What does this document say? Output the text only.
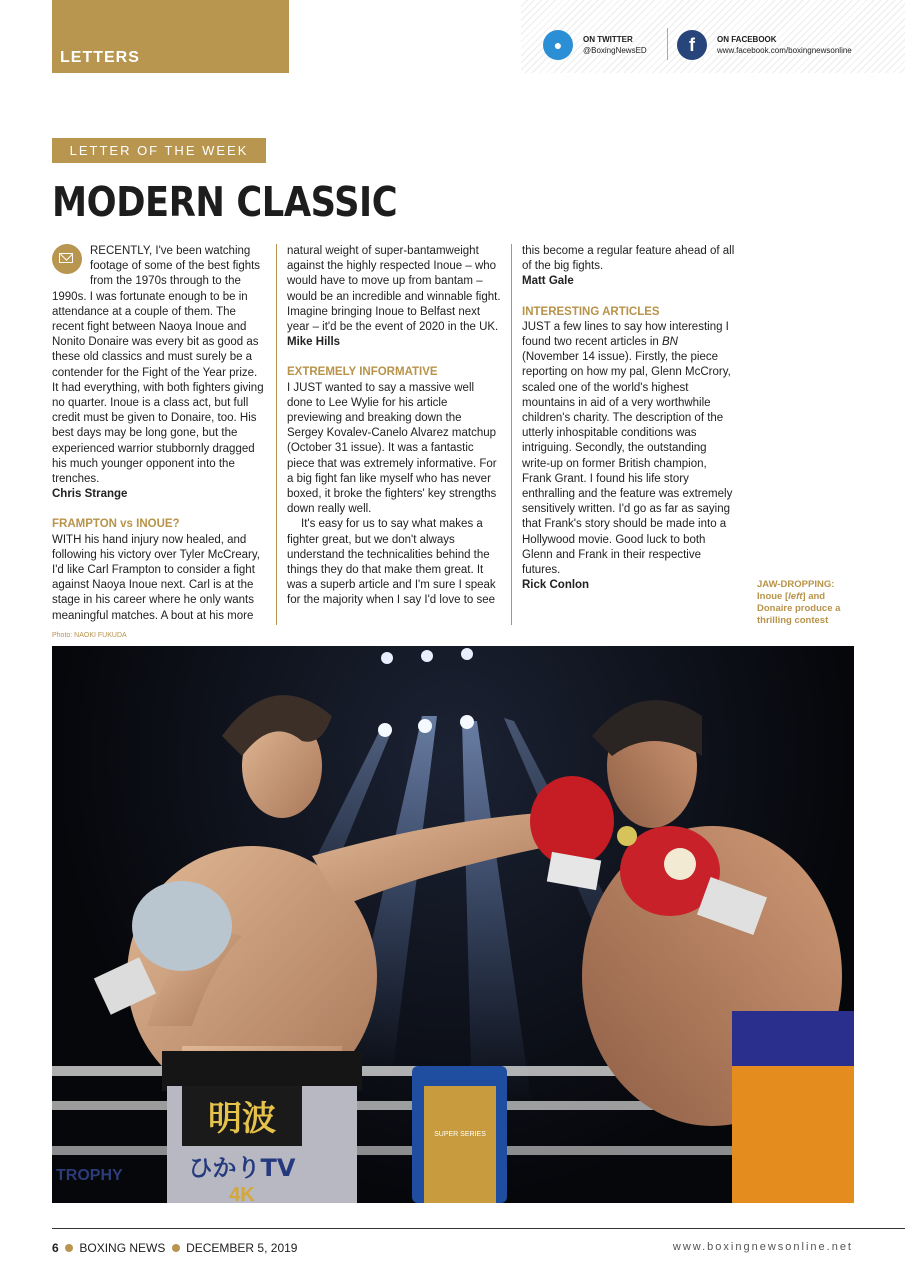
LETTERS
●	ON TWITTER
@BoxingNewsED	f	ON FACEBOOK
www.facebook.com/boxingnewsonline
LETTER OF THE WEEK
MODERN CLASSIC

RECENTLY, I've been watching footage of some of the best fights from the 1970s through to the 1990s. I was fortunate enough to be in attendance at a couple of them. The recent fight between Naoya Inoue and Nonito Donaire was every bit as good as these old classics and must surely be a contender for the Fight of the Year prize. It had everything, with both fighters giving no quarter. Inoue is a class act, but full credit must be given to Donaire, too. His best days may be long gone, but the experienced warrior stubbornly dragged his much younger opponent into the trenches.

Chris Strange

FRAMPTON vs INOUE?

WITH his hand injury now healed, and following his victory over Tyler McCreary, I'd like Carl Frampton to consider a fight against Naoya Inoue next. Carl is at the stage in his career where he only wants meaningful matches. A bout at his more

natural weight of super-bantamweight against the highly respected Inoue – who would have to move up from bantam – would be an incredible and winnable fight. Imagine bringing Inoue to Belfast next year – it'd be the event of 2020 in the UK.

Mike Hills

EXTREMELY INFORMATIVE

I JUST wanted to say a massive well done to Lee Wylie for his article previewing and breaking down the Sergey Kovalev-Canelo Alvarez matchup (October 31 issue). It was a fantastic piece that was extremely informative. For a big fight fan like myself who has never boxed, it broke the fighters' key strengths down really well.

It's easy for us to say what makes a fighter great, but we don't always understand the technicalities behind the things they do that make them great. It was a superb article and I'm sure I speak for the majority when I say I'd love to see

this become a regular feature ahead of all of the big fights.

Matt Gale

INTERESTING ARTICLES

JUST a few lines to say how interesting I found two recent articles in BN (November 14 issue). Firstly, the piece reporting on how my pal, Glenn McCrory, scaled one of the world's highest mountains in aid of a very worthwhile children's charity. The description of the utterly inhospitable conditions was intriguing. Secondly, the outstanding write-up on former British champion, Frank Grant. I found his life story enthralling and the feature was extremely sensitively written. I'd go as far as saying that Frank's story should be made into a Hollywood movie. Good luck to both Glenn and Frank in their respective futures.

Rick Conlon	JAW-DROPPING:
Inoue [left] and Donaire produce a thrilling contest
Photo: NAOKI FUKUDA
SUPER SERIES
TROPHY
明波
ひかりTV
4K
6 BOXING NEWS DECEMBER 5, 2019	www.boxingnewsonline.net
